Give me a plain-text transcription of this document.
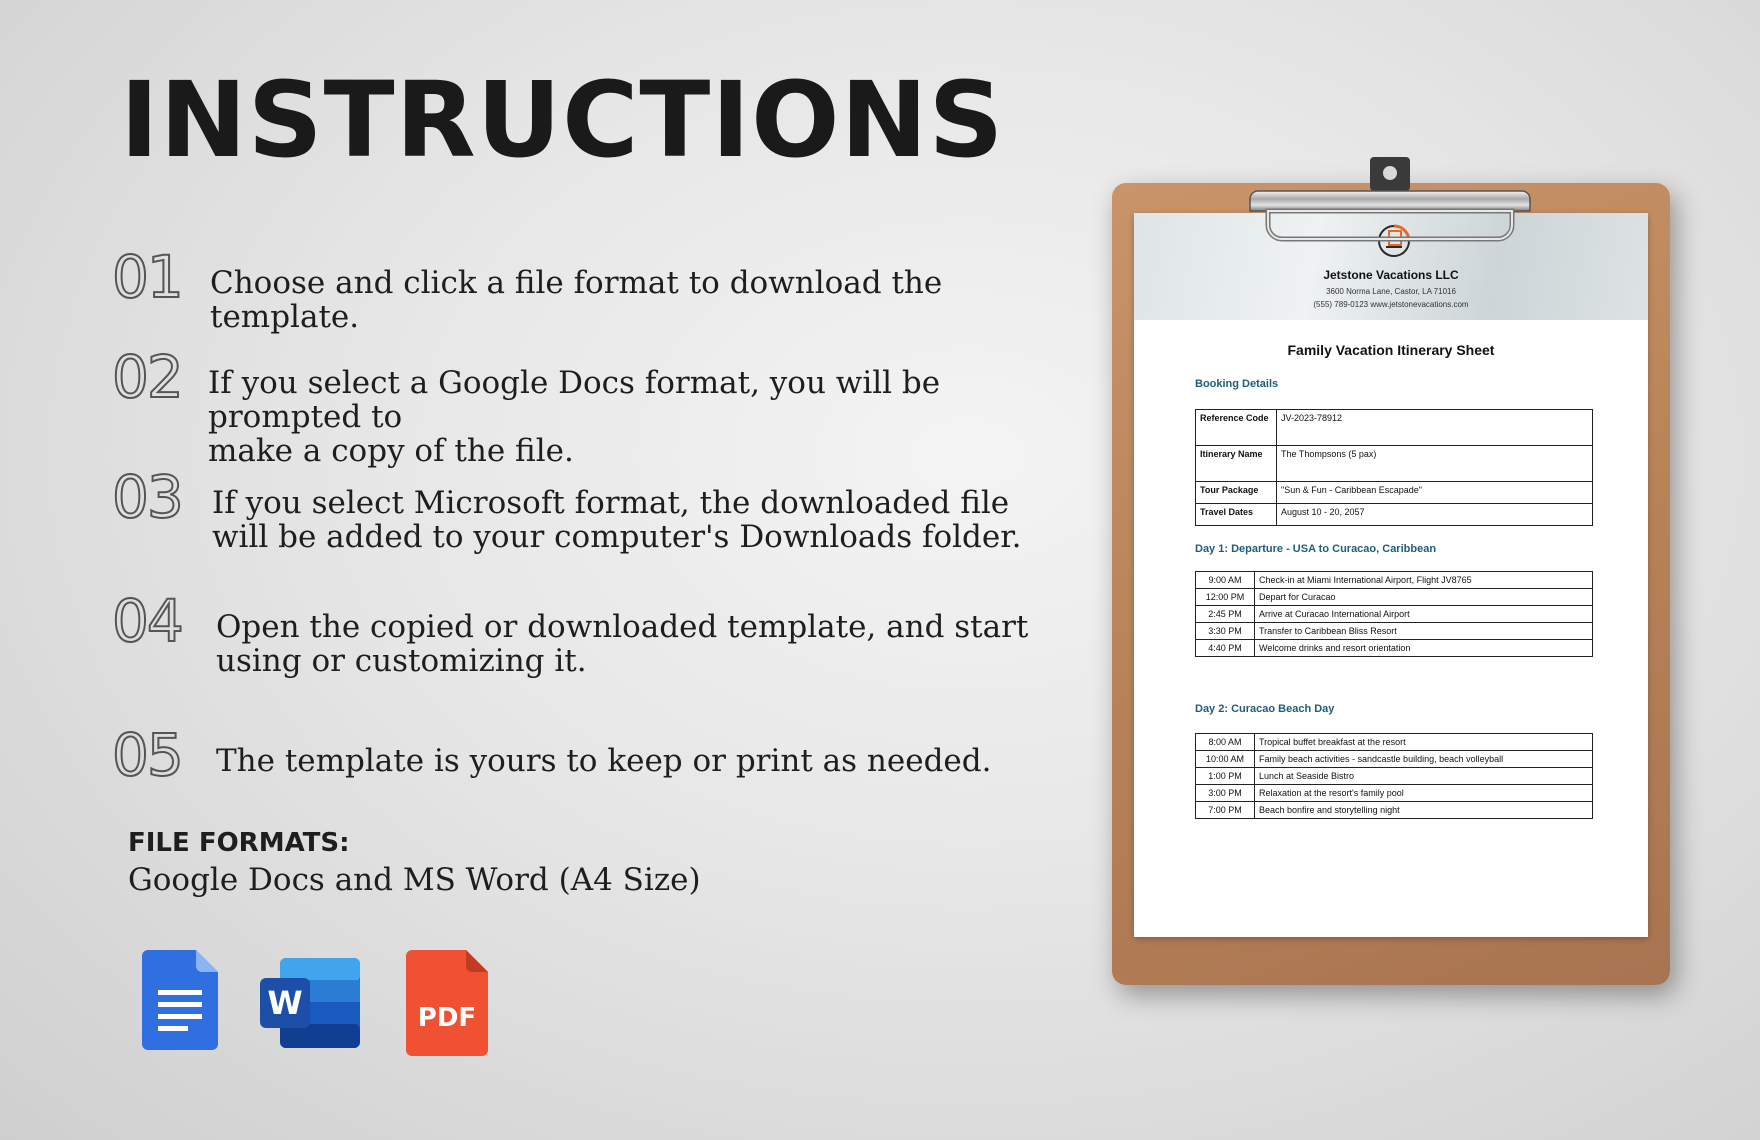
INSTRUCTIONS
01 Choose and click a file format to download the template.
02 If you select a Google Docs format, you will be prompted to
make a copy of the file.
03 If you select Microsoft format, the downloaded file
will be added to your computer's Downloads folder.
04 Open the copied or downloaded template, and start
using or customizing it.
05 The template is yours to keep or print as needed.
FILE FORMATS:
Google Docs and MS Word (A4 Size)
W	PDF
Jetstone Vacations LLC
3600 Norma Lane, Castor, LA 71016
(555) 789-0123 www.jetstonevacations.com
Family Vacation Itinerary Sheet
Booking Details
Reference Code	JV-2023-78912
Itinerary Name	The Thompsons (5 pax)
Tour Package	"Sun & Fun - Caribbean Escapade"
Travel Dates	August 10 - 20, 2057
Day 1: Departure - USA to Curacao, Caribbean
9:00 AM	Check-in at Miami International Airport, Flight JV8765
12:00 PM	Depart for Curacao
2:45 PM	Arrive at Curacao International Airport
3:30 PM	Transfer to Caribbean Bliss Resort
4:40 PM	Welcome drinks and resort orientation
Day 2: Curacao Beach Day
8:00 AM	Tropical buffet breakfast at the resort
10:00 AM	Family beach activities - sandcastle building, beach volleyball
1:00 PM	Lunch at Seaside Bistro
3:00 PM	Relaxation at the resort's family pool
7:00 PM	Beach bonfire and storytelling night
